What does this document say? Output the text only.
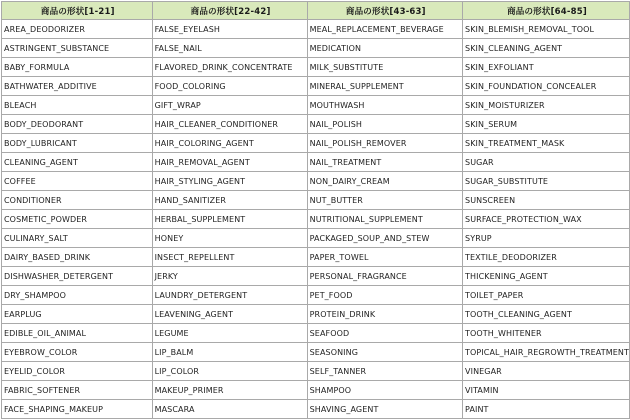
商品の形状[1-21]	商品の形状[22-42]	商品の形状[43-63]	商品の形状[64-85]
AREA_DEODORIZER	FALSE_EYELASH	MEAL_REPLACEMENT_BEVERAGE	SKIN_BLEMISH_REMOVAL_TOOL
ASTRINGENT_SUBSTANCE	FALSE_NAIL	MEDICATION	SKIN_CLEANING_AGENT
BABY_FORMULA	FLAVORED_DRINK_CONCENTRATE	MILK_SUBSTITUTE	SKIN_EXFOLIANT
BATHWATER_ADDITIVE	FOOD_COLORING	MINERAL_SUPPLEMENT	SKIN_FOUNDATION_CONCEALER
BLEACH	GIFT_WRAP	MOUTHWASH	SKIN_MOISTURIZER
BODY_DEODORANT	HAIR_CLEANER_CONDITIONER	NAIL_POLISH	SKIN_SERUM
BODY_LUBRICANT	HAIR_COLORING_AGENT	NAIL_POLISH_REMOVER	SKIN_TREATMENT_MASK
CLEANING_AGENT	HAIR_REMOVAL_AGENT	NAIL_TREATMENT	SUGAR
COFFEE	HAIR_STYLING_AGENT	NON_DAIRY_CREAM	SUGAR_SUBSTITUTE
CONDITIONER	HAND_SANITIZER	NUT_BUTTER	SUNSCREEN
COSMETIC_POWDER	HERBAL_SUPPLEMENT	NUTRITIONAL_SUPPLEMENT	SURFACE_PROTECTION_WAX
CULINARY_SALT	HONEY	PACKAGED_SOUP_AND_STEW	SYRUP
DAIRY_BASED_DRINK	INSECT_REPELLENT	PAPER_TOWEL	TEXTILE_DEODORIZER
DISHWASHER_DETERGENT	JERKY	PERSONAL_FRAGRANCE	THICKENING_AGENT
DRY_SHAMPOO	LAUNDRY_DETERGENT	PET_FOOD	TOILET_PAPER
EARPLUG	LEAVENING_AGENT	PROTEIN_DRINK	TOOTH_CLEANING_AGENT
EDIBLE_OIL_ANIMAL	LEGUME	SEAFOOD	TOOTH_WHITENER
EYEBROW_COLOR	LIP_BALM	SEASONING	TOPICAL_HAIR_REGROWTH_TREATMENT
EYELID_COLOR	LIP_COLOR	SELF_TANNER	VINEGAR
FABRIC_SOFTENER	MAKEUP_PRIMER	SHAMPOO	VITAMIN
FACE_SHAPING_MAKEUP	MASCARA	SHAVING_AGENT	PAINT
